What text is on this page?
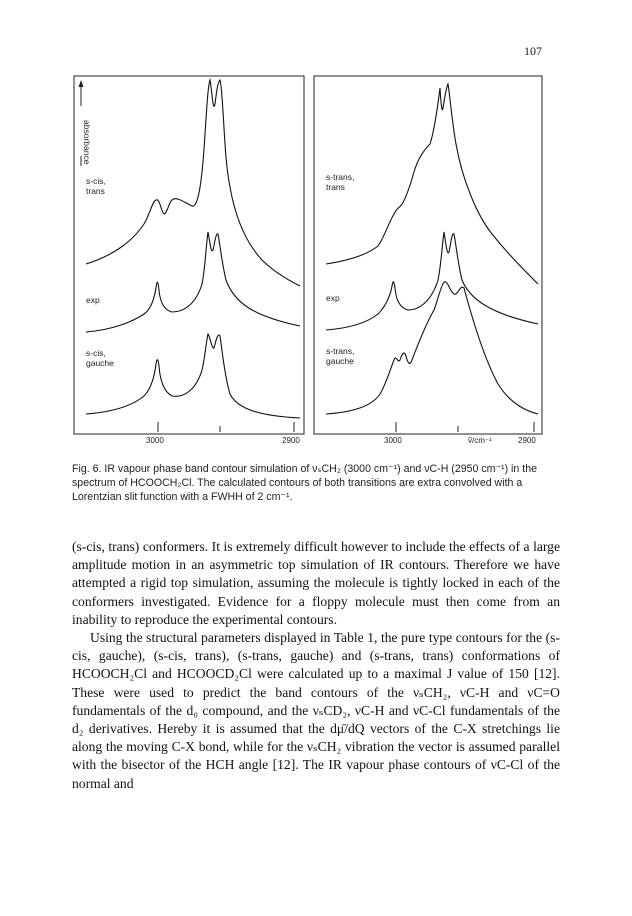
107
absorbance
s-cis,
trans
exp
s-cis,
gauche
s-trans,
trans
exp
s-trans,
gauche
3000	2900	3000	ṽ/cm⁻¹	2900
Fig. 6. IR vapour phase band contour simulation of νₛCH₂ (3000 cm⁻¹) and νC-H (2950 cm⁻¹) in the spectrum of HCOOCH₂Cl. The calculated contours of both transitions are extra convolved with a Lorentzian slit function with a FWHH of 2 cm⁻¹.

(s-cis, trans) conformers. It is extremely difficult however to include the effects of a large amplitude motion in an asymmetric top simulation of IR contours. Therefore we have attempted a rigid top simulation, assuming the molecule is tightly locked in each of the conformers investigated. Evidence for a floppy molecule must then come from an inability to reproduce the experimental contours.

Using the structural parameters displayed in Table 1, the pure type contours for the (s-cis, gauche), (s-cis, trans), (s-trans, gauche) and (s-trans, trans) conformations of HCOOCH₂Cl and HCOOCD₂Cl were calculated up to a maximal J value of 150 [12]. These were used to predict the band contours of the νₛCH₂, νC-H and νC=O fundamentals of the d₀ compound, and the νₛCD₂, νC-H and νC-Cl fundamentals of the d₂ derivatives. Hereby it is assumed that the dμ̄/dQ vectors of the C-X stretchings lie along the moving C-X bond, while for the νₛCH₂ vibration the vector is assumed parallel with the bisector of the HCH angle [12]. The IR vapour phase contours of νC-Cl of the normal and
